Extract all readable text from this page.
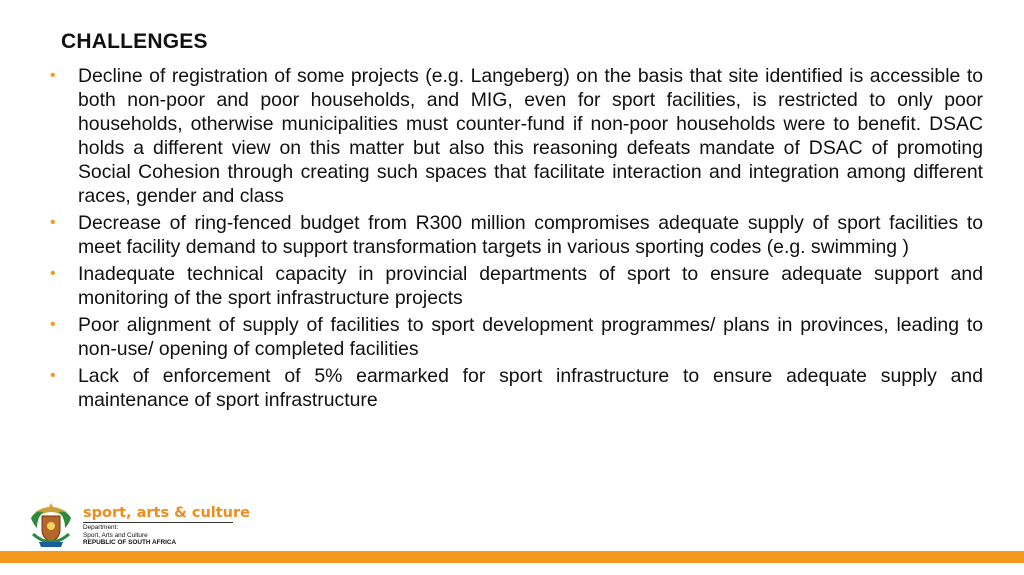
CHALLENGES
• Decline of registration of some projects (e.g. Langeberg) on the basis that site identified is accessible to both non-poor and poor households, and MIG, even for sport facilities, is restricted to only poor households, otherwise municipalities must counter-fund if non-poor households were to benefit. DSAC holds a different view on this matter but also this reasoning defeats mandate of DSAC of promoting Social Cohesion through creating such spaces that facilitate interaction and integration among different races, gender and class
• Decrease of ring-fenced budget from R300 million compromises adequate supply of sport facilities to meet facility demand to support transformation targets in various sporting codes (e.g. swimming )
• Inadequate technical capacity in provincial departments of sport to ensure adequate support and monitoring of the sport infrastructure projects
• Poor alignment of supply of facilities to sport development programmes/ plans in provinces, leading to non-use/ opening of completed facilities
• Lack of enforcement of 5% earmarked for sport infrastructure to ensure adequate supply and maintenance of sport infrastructure
sport, arts & culture
Department:
Sport, Arts and Culture
REPUBLIC OF SOUTH AFRICA
